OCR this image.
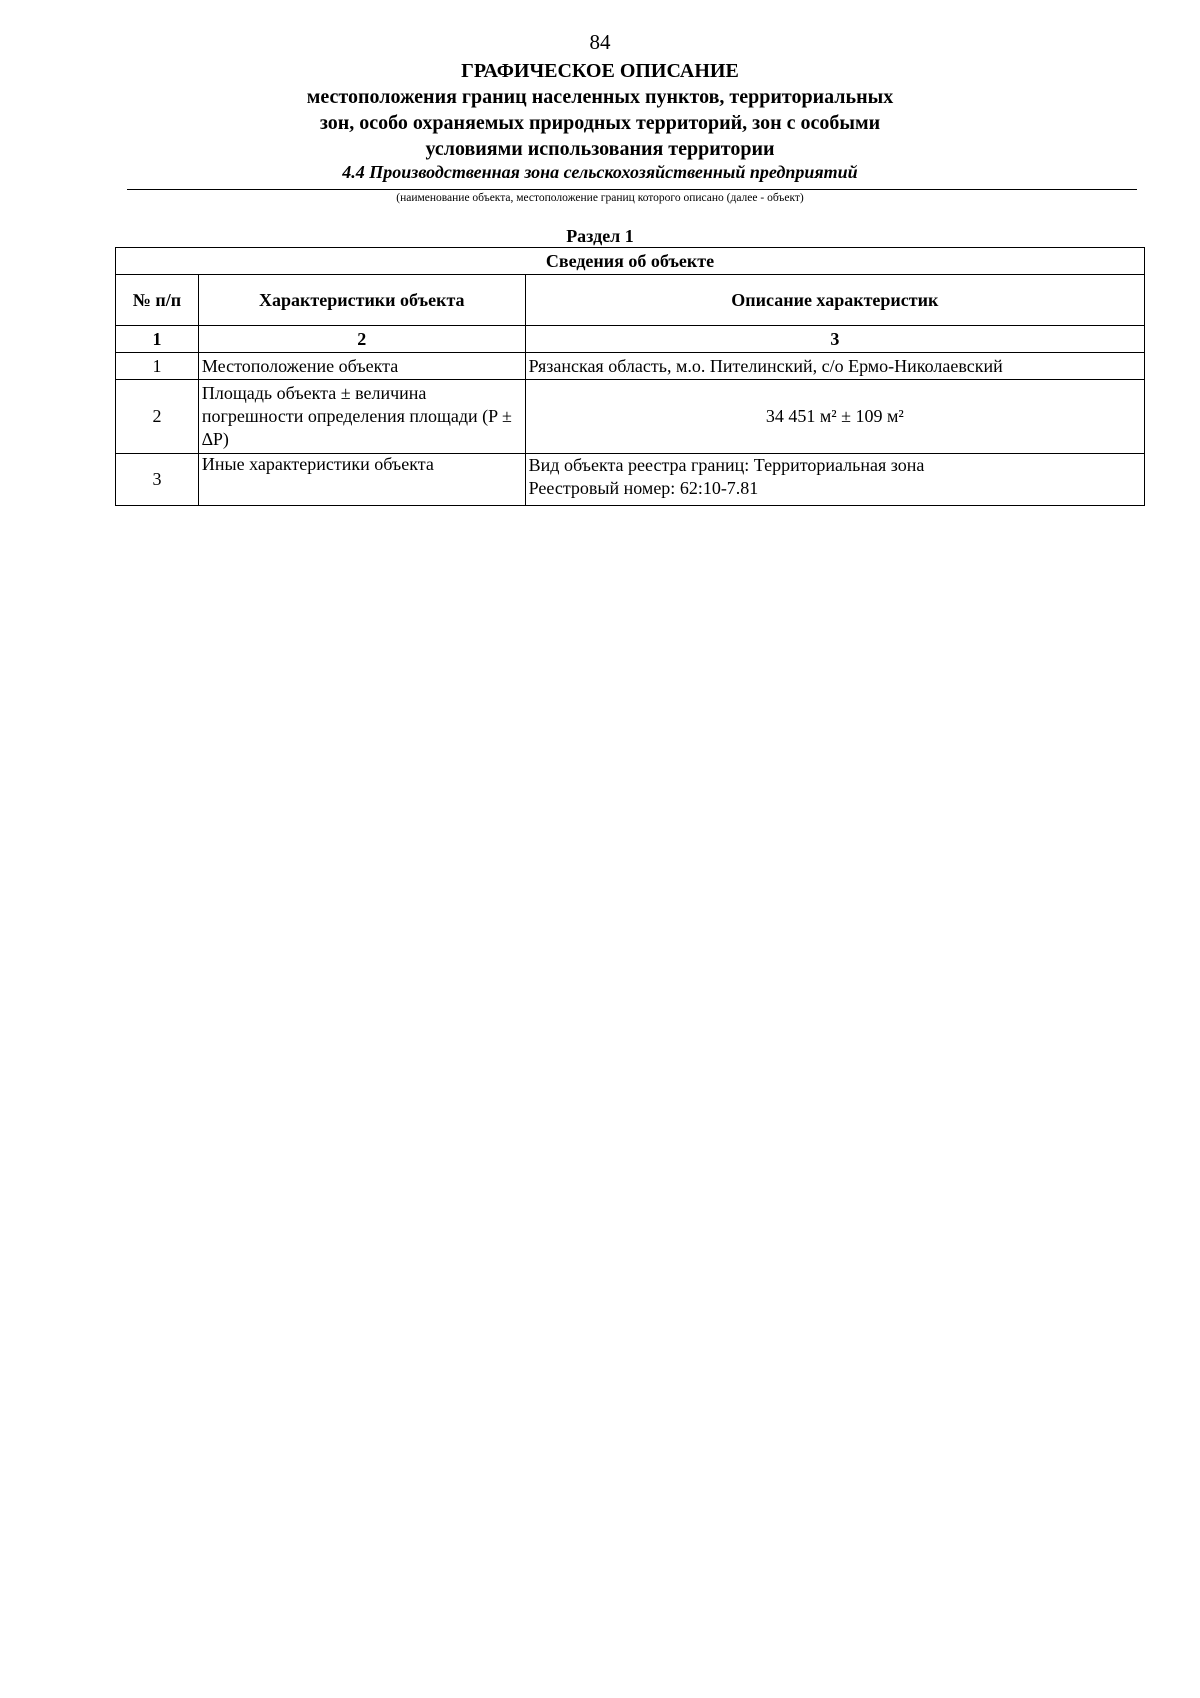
84
ГРАФИЧЕСКОЕ ОПИСАНИЕ
местоположения границ населенных пунктов, территориальных
зон, особо охраняемых природных территорий, зон с особыми
условиями использования территории
4.4 Производственная зона сельскохозяйственный предприятий
(наименование объекта, местоположение границ которого описано (далее - объект)
Раздел 1
Сведения об объекте		
№ п/п	Характеристики объекта	Описание характеристик
1	2	3
1	Местоположение объекта	Рязанская область, м.о. Пителинский, с/о Ермо-Николаевский
2	Площадь объекта ± величина погрешности определения площади (P ± ∆P)	34 451 м² ± 109 м²
3	Иные характеристики объекта	Вид объекта реестра границ: Территориальная зона
Реестровый номер: 62:10-7.81
